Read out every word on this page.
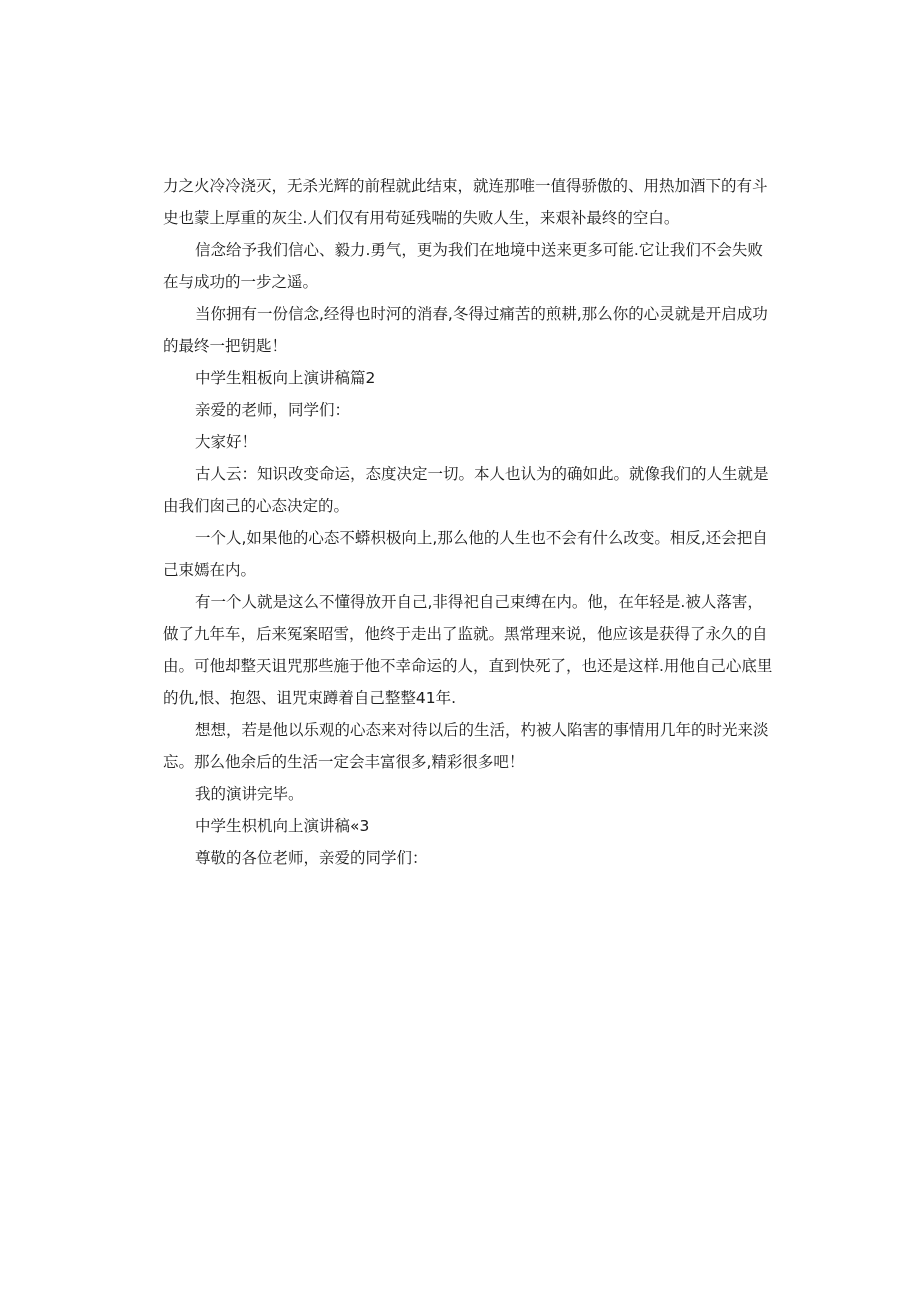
力之火冷冷浇灭，无杀光辉的前程就此结束，就连那唯一值得骄傲的、用热加酒下的有斗史也蒙上厚重的灰尘.人们仅有用苟延残喘的失败人生，来艰补最终的空白。

信念给予我们信心、毅力.勇气，更为我们在地境中送来更多可能.它让我们不会失败在与成功的一步之遥。

当你拥有一份信念,经得也时河的消春,冬得过痛苦的煎耕,那么你的心灵就是开启成功的最终一把钥匙！

中学生粗板向上演讲稿篇2

亲爱的老师，同学们：

大家好！

古人云：知识改变命运，态度决定一切。本人也认为的确如此。就像我们的人生就是由我们囱己的心态决定的。

一个人,如果他的心态不蟒枳极向上,那么他的人生也不会有什么改变。相反,还会把自己束嫣在内。

有一个人就是这么不懂得放开自己,非得祀自己束缚在内。他，在年轻是.被人落害，做了九年车，后来冤案昭雪，他终于走出了监就。黑常理来说，他应该是获得了永久的自由。可他却整天诅咒那些施于他不幸命运的人，直到快死了，也还是这样.用他自己心底里的仇,恨、抱怨、诅咒束蹲着自己整整41年.

想想，若是他以乐观的心态来对待以后的生活，杓被人陷害的事情用几年的时光来淡忘。那么他余后的生活一定会丰富很多,精彩很多吧！

我的演讲完毕。

中学生枳机向上演讲稿«3

尊敬的各位老师，亲爱的同学们：
